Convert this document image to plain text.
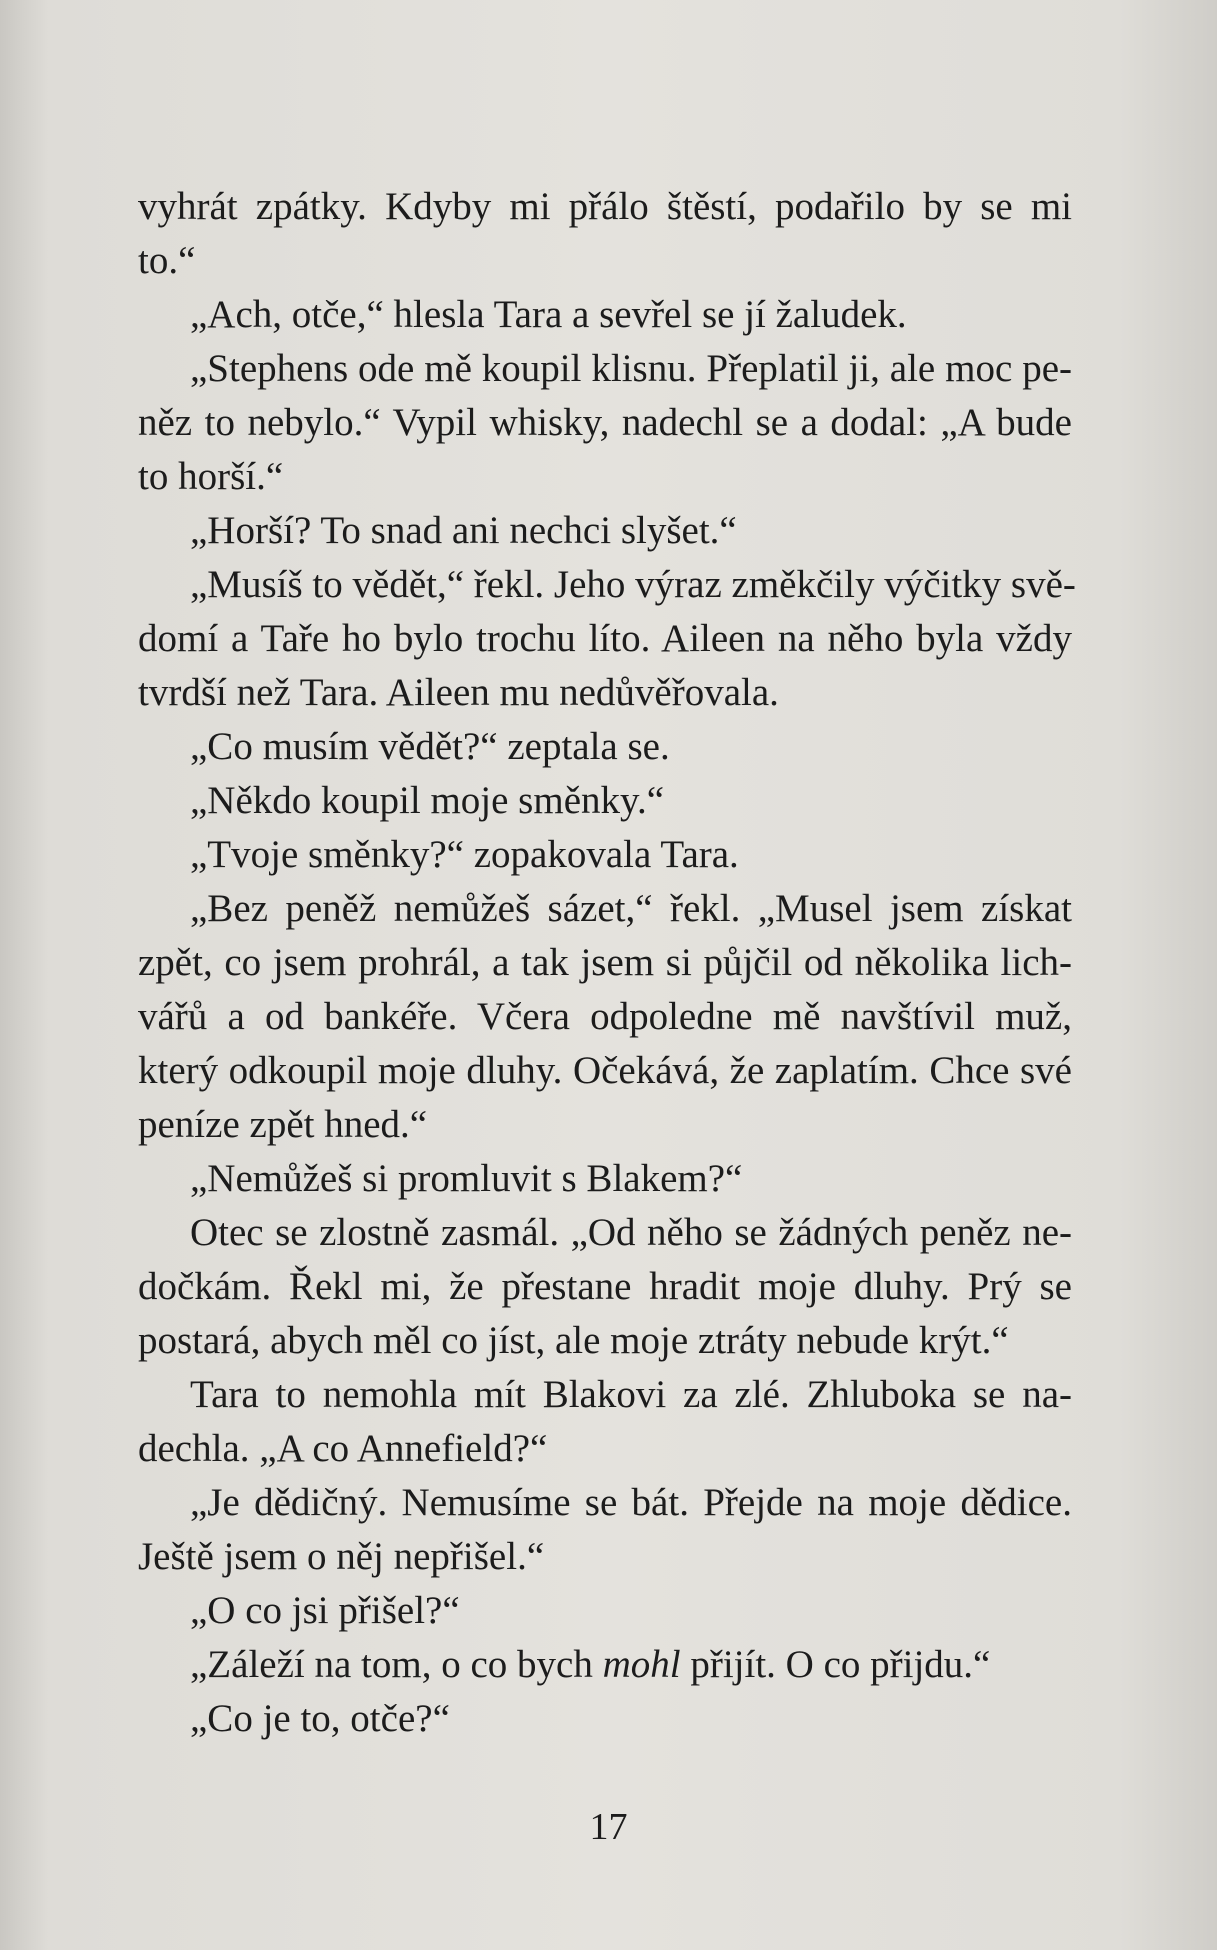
vyhrát zpátky. Kdyby mi přálo štěstí, podařilo by se mi

to.“

„Ach, otče,“ hlesla Tara a sevřel se jí žaludek.

„Stephens ode mě koupil klisnu. Přeplatil ji, ale moc pe-

něz to nebylo.“ Vypil whisky, nadechl se a dodal: „A bude

to horší.“

„Horší? To snad ani nechci slyšet.“

„Musíš to vědět,“ řekl. Jeho výraz změkčily výčitky svě-

domí a Taře ho bylo trochu líto. Aileen na něho byla vždy

tvrdší než Tara. Aileen mu nedůvěřovala.

„Co musím vědět?“ zeptala se.

„Někdo koupil moje směnky.“

„Tvoje směnky?“ zopakovala Tara.

„Bez peněž nemůžeš sázet,“ řekl. „Musel jsem získat

zpět, co jsem prohrál, a tak jsem si půjčil od několika lich-

vářů a od bankéře. Včera odpoledne mě navštívil muž,

který odkoupil moje dluhy. Očekává, že zaplatím. Chce své

peníze zpět hned.“

„Nemůžeš si promluvit s Blakem?“

Otec se zlostně zasmál. „Od něho se žádných peněz ne-

dočkám. Řekl mi, že přestane hradit moje dluhy. Prý se

postará, abych měl co jíst, ale moje ztráty nebude krýt.“

Tara to nemohla mít Blakovi za zlé. Zhluboka se na-

dechla. „A co Annefield?“

„Je dědičný. Nemusíme se bát. Přejde na moje dědice.

Ještě jsem o něj nepřišel.“

„O co jsi přišel?“

„Záleží na tom, o co bych mohl přijít. O co přijdu.“

„Co je to, otče?“

17
